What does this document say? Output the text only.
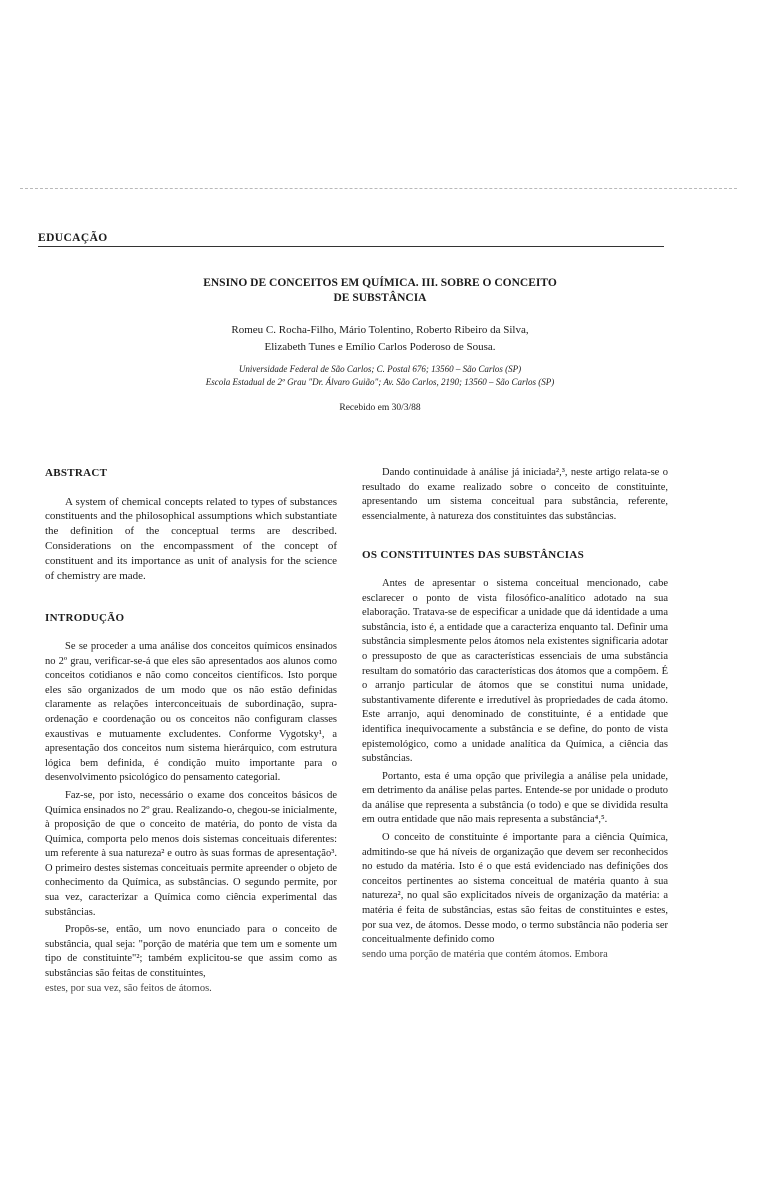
EDUCAÇÃO
ENSINO DE CONCEITOS EM QUÍMICA. III. SOBRE O CONCEITO
DE SUBSTÂNCIA
Romeu C. Rocha-Filho, Mário Tolentino, Roberto Ribeiro da Silva,
Elizabeth Tunes e Emílio Carlos Poderoso de Sousa.
Universidade Federal de São Carlos; C. Postal 676; 13560 – São Carlos (SP)
Escola Estadual de 2º Grau "Dr. Álvaro Guião"; Av. São Carlos, 2190; 13560 – São Carlos (SP)
Recebido em 30/3/88
ABSTRACT

A system of chemical concepts related to types of substances constituents and the philosophical assumptions which substantiate the definition of the conceptual terms are described. Considerations on the encompassment of the concept of constituent and its importance as unit of analysis for the science of chemistry are made.

INTRODUÇÃO

Se se proceder a uma análise dos conceitos químicos ensinados no 2º grau, verificar-se-á que eles são apresentados aos alunos como conceitos cotidianos e não como conceitos científicos. Isto porque eles são organizados de um modo que os não estão definidas claramente as relações interconceituais de subordinação, supra-ordenação e coordenação ou os conceitos não configuram classes exaustivas e mutuamente excludentes. Conforme Vygotsky¹, a apresentação dos conceitos num sistema hierárquico, com estrutura lógica bem definida, é condição muito importante para o desenvolvimento psicológico do pensamento categorial.

Faz-se, por isto, necessário o exame dos conceitos básicos de Química ensinados no 2º grau. Realizando-o, chegou-se inicialmente, à proposição de que o conceito de matéria, do ponto de vista da Química, comporta pelo menos dois sistemas conceituais diferentes: um referente à sua natureza² e outro às suas formas de apresentação³. O primeiro destes sistemas conceituais permite apreender o objeto de conhecimento da Química, as substâncias. O segundo permite, por sua vez, caracterizar a Química como ciência experimental das substâncias.

Propôs-se, então, um novo enunciado para o conceito de substância, qual seja: "porção de matéria que tem um e somente um tipo de constituinte"²; também explicitou-se que assim como as substâncias são feitas de constituintes,

estes, por sua vez, são feitos de átomos.

Dando continuidade à análise já iniciada²,³, neste artigo relata-se o resultado do exame realizado sobre o conceito de constituinte, apresentando um sistema conceitual para substância, referente, essencialmente, à natureza dos constituintes das substâncias.

OS CONSTITUINTES DAS SUBSTÂNCIAS

Antes de apresentar o sistema conceitual mencionado, cabe esclarecer o ponto de vista filosófico-analítico adotado na sua elaboração. Tratava-se de especificar a unidade que dá identidade a uma substância, isto é, a entidade que a caracteriza enquanto tal. Definir uma substância simplesmente pelos átomos nela existentes significaria adotar o pressuposto de que as características essenciais de uma substância resultam do somatório das características dos átomos que a compõem. É o arranjo particular de átomos que se constitui numa unidade, substantivamente diferente e irredutível às propriedades de cada átomo. Este arranjo, aqui denominado de constituinte, é a entidade que identifica inequivocamente a substância e se define, do ponto de vista epistemológico, como a unidade analítica da Química, a ciência das substâncias.

Portanto, esta é uma opção que privilegia a análise pela unidade, em detrimento da análise pelas partes. Entende-se por unidade o produto da análise que representa a substância (o todo) e que se dividida resulta em outra entidade que não mais representa a substância⁴,⁵.

O conceito de constituinte é importante para a ciência Química, admitindo-se que há níveis de organização que devem ser reconhecidos no estudo da matéria. Isto é o que está evidenciado nas definições dos conceitos pertinentes ao sistema conceitual de matéria quanto à sua natureza², no qual são explicitados níveis de organização da matéria: a matéria é feita de substâncias, estas são feitas de constituintes e estes, por sua vez, de átomos. Desse modo, o termo substância não poderia ser conceitualmente definido como

sendo uma porção de matéria que contém átomos. Embora
